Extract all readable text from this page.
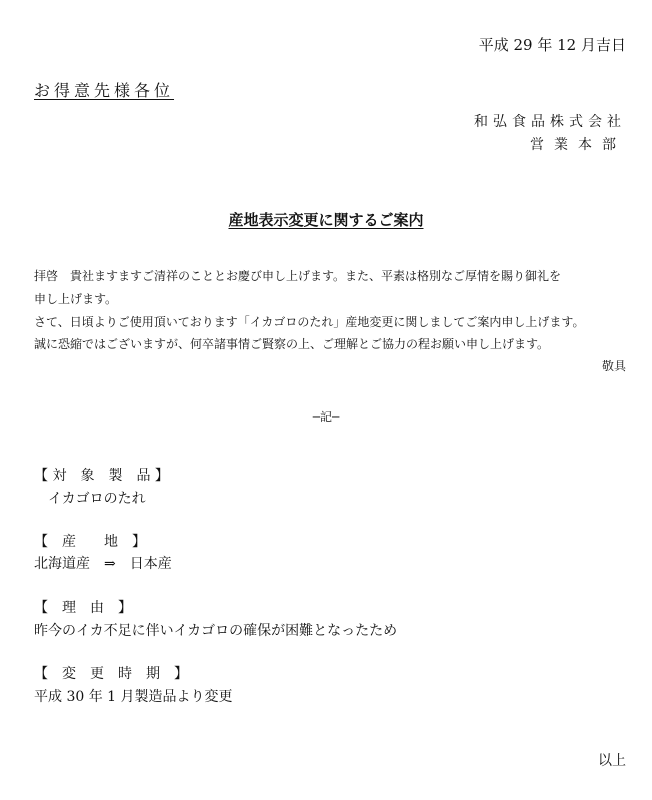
平成 29 年 12 月吉日
お得意先様各位
和弘食品株式会社
営業本部
産地表示変更に関するご案内
拝啓　貴社ますますご清祥のこととお慶び申し上げます。また、平素は格別なご厚情を賜り御礼を
申し上げます。
さて、日頃よりご使用頂いております「イカゴロのたれ」産地変更に関しましてご案内申し上げます。
誠に恐縮ではございますが、何卒諸事情ご賢察の上、ご理解とご協力の程お願い申し上げます。
敬具
─記─
【 対　象　製　品 】
イカゴロのたれ
【　産　　地　】
北海道産　⇒　日本産
【　理　由　】
昨今のイカ不足に伴いイカゴロの確保が困難となったため
【　変　更　時　期　】
平成 30 年 1 月製造品より変更
以上
